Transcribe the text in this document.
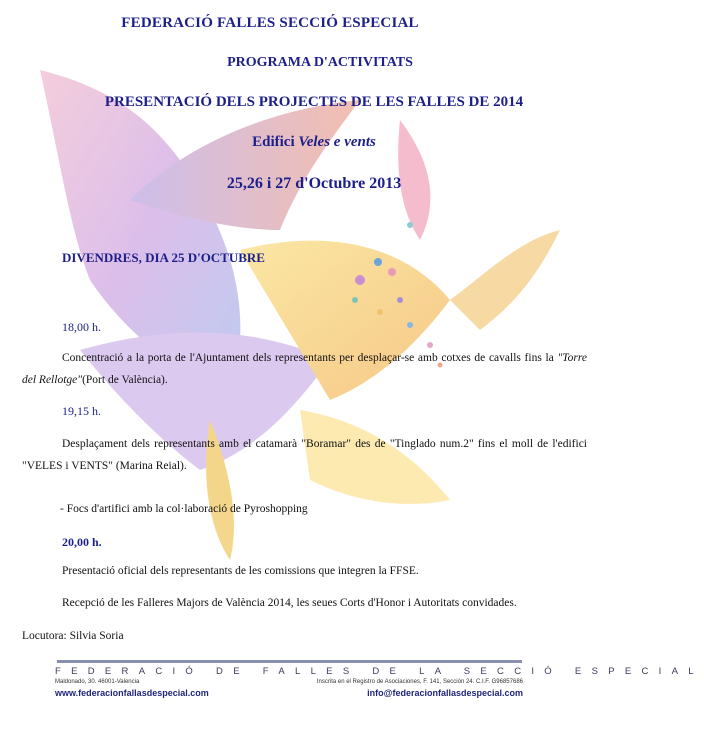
FEDERACIÓ FALLES SECCIÓ ESPECIAL
PROGRAMA D'ACTIVITATS
PRESENTACIÓ DELS PROJECTES DE LES FALLES DE 2014
Edifici Veles e vents
25,26 i 27 d'Octubre 2013
DIVENDRES, DIA 25 D'OCTUBRE
18,00 h.
Concentració a la porta de l'Ajuntament dels representants per desplaçar-se amb cotxes de cavalls fins la "Torre del Rellotge"(Port de València).
19,15 h.
Desplaçament dels representants amb el catamarà "Boramar" des de "Tinglado num.2" fins el moll de l'edifici "VELES i VENTS" (Marina Reial).
- Focs d'artifici amb la col·laboració de Pyroshopping
20,00 h.
Presentació oficial dels representants de les comissions que integren la FFSE.
Recepció de les Falleres Majors de València 2014, les seues Corts d'Honor i Autoritats convidades.
Locutora: Silvia Soria
FEDERACIÓ DE FALLES DE LA SECCIÓ ESPECIAL
Maldonado, 30. 46001-Valencia	Inscrita en el Registro de Asociaciones, F. 141, Sección 24. C.I.F. G96857686
www.federacionfallasdespecial.com	info@federacionfallasdespecial.com
